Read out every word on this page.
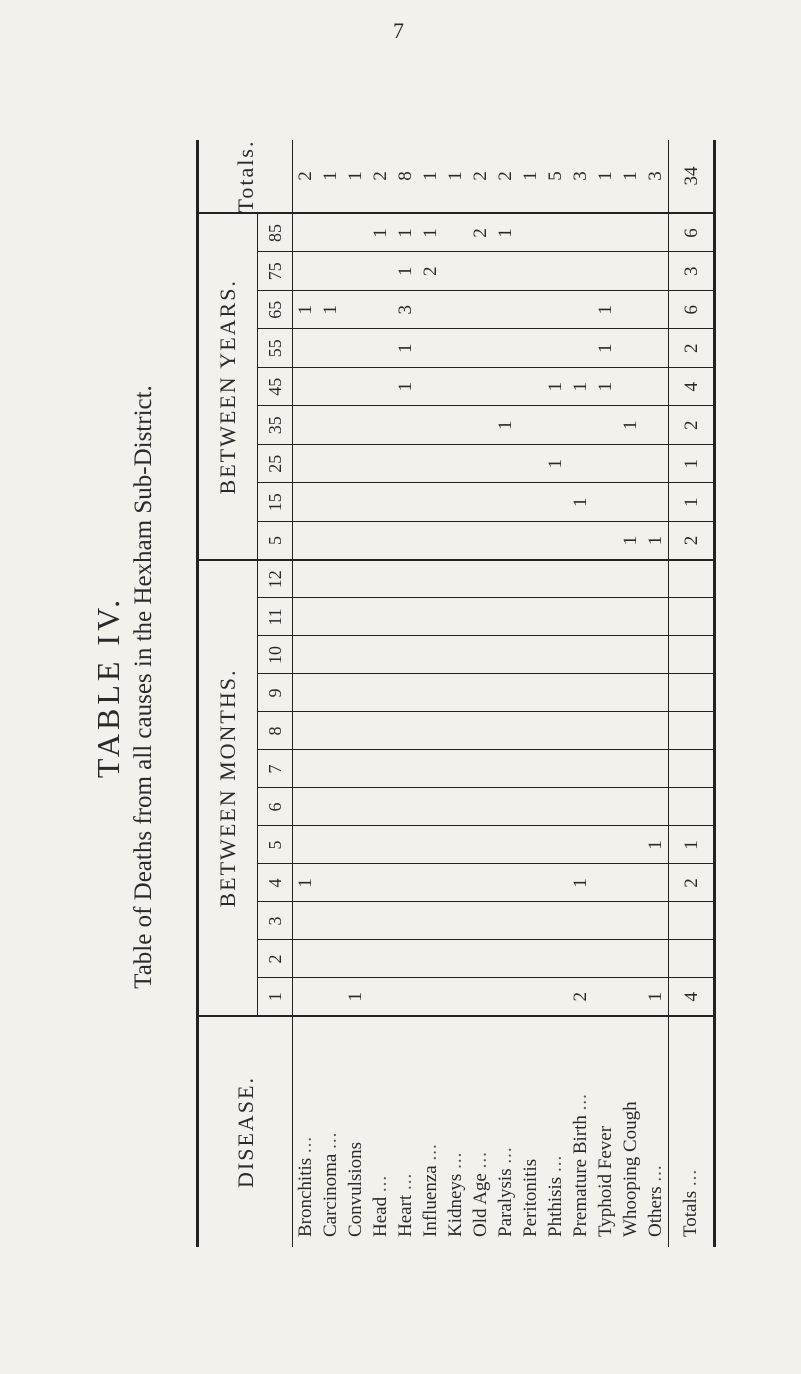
7
TABLE IV. Table of Deaths from all causes in the Hexham Sub-District.
DISEASE.	BETWEEN MONTHS.												BETWEEN YEARS.									Totals.
	1	2	3	4	5	6	7	8	9	10	11	12	5	15	25	35	45	55	65	75	85	
Bronchitis ...				1															1			2
Carcinoma ...																			1			1
Convulsions	1																					1
Head ...																					1	2
Heart ...																	1	1	3	1	1	8
Influenza ...																				2	1	1
Kidneys ...																						1
Old Age ...																					2	2
Paralysis ...																1					1	2
Peritonitis																						1
Phthisis ...															1		1					5
Premature Birth ...	2			1										1			1					3
Typhoid Fever																	1	1	1			1
Whooping Cough													1			1						1
Others ...	1				1								1									3
Totals ...	4			2	1								2	1	1	2	4	2	6	3	6	34
